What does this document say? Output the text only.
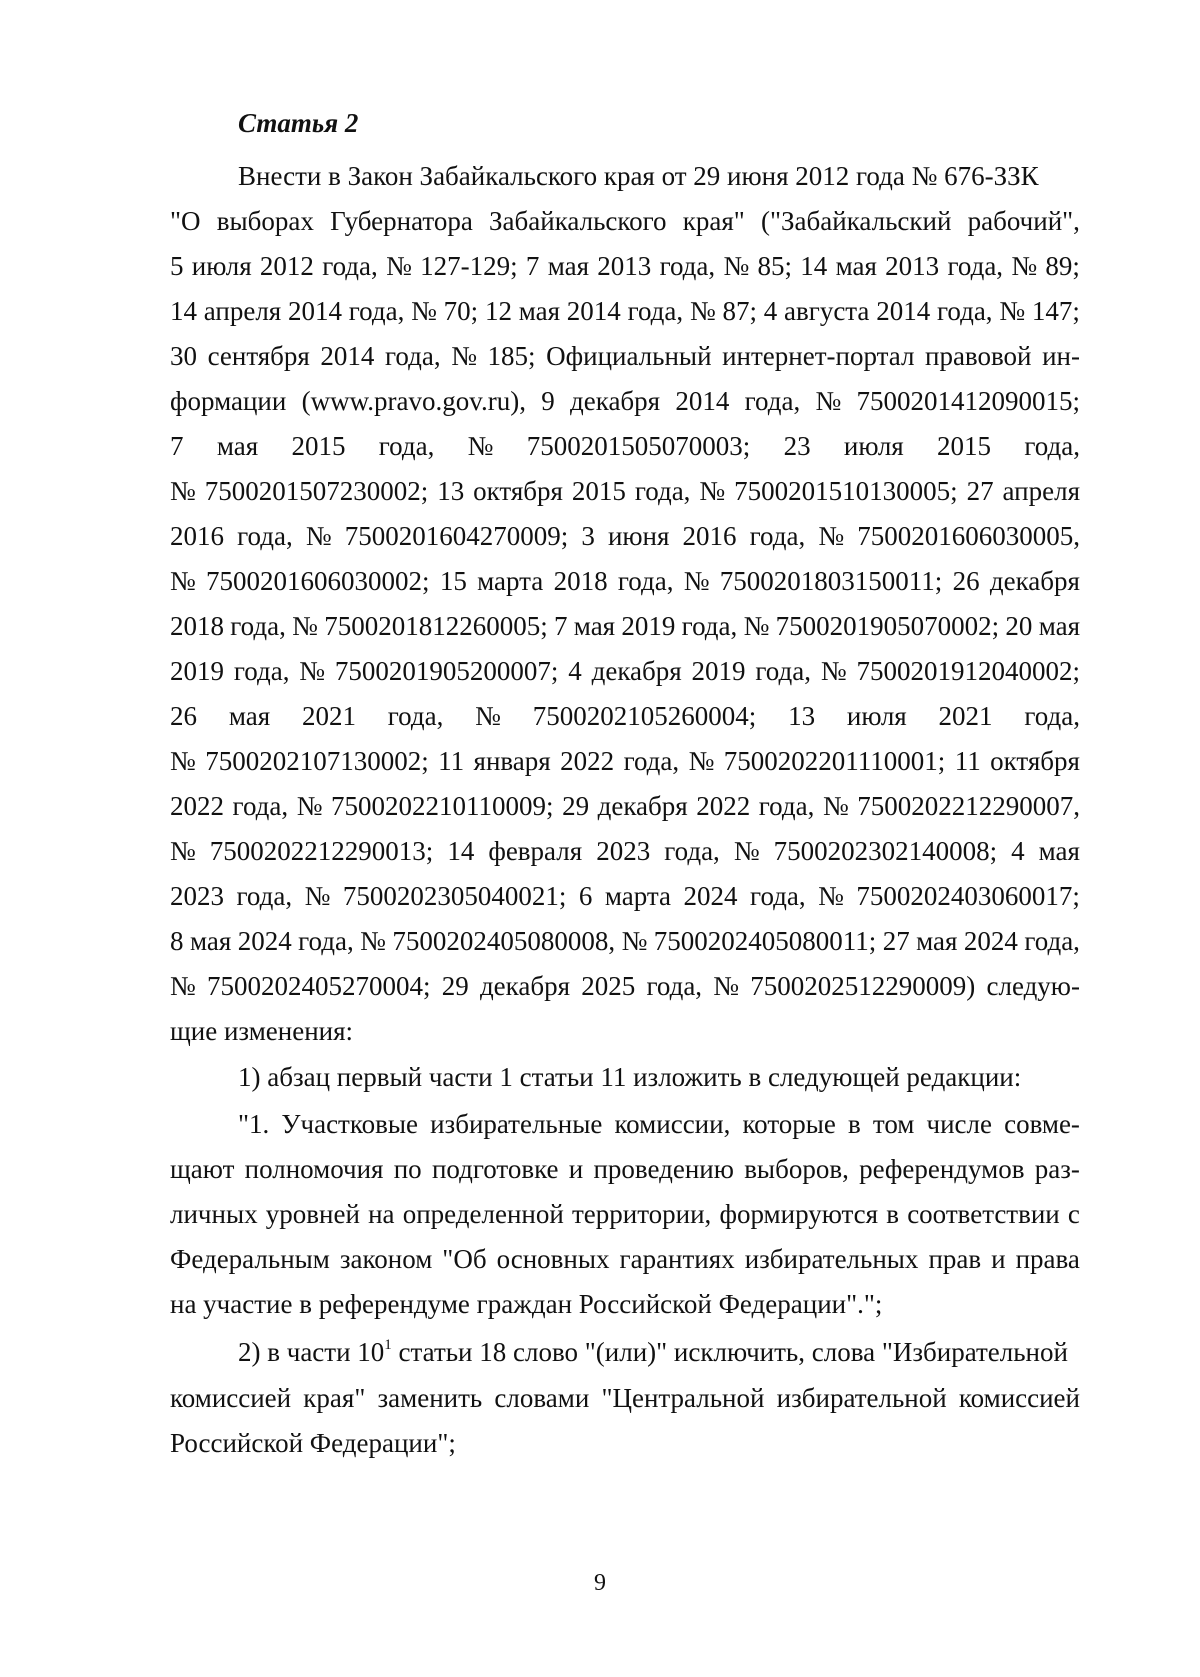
Статья 2
Внести в Закон Забайкальского края от 29 июня 2012 года № 676-ЗЗК
"О выборах Губернатора Забайкальского края" ("Забайкальский рабочий",
5 июля 2012 года, № 127-129; 7 мая 2013 года, № 85; 14 мая 2013 года, № 89;
14 апреля 2014 года, № 70; 12 мая 2014 года, № 87; 4 августа 2014 года, № 147;
30 сентября 2014 года, № 185; Официальный интернет-портал правовой ин-
формации (www.pravo.gov.ru), 9 декабря 2014 года, № 7500201412090015;
7 мая 2015 года, № 7500201505070003; 23 июля 2015 года,
№ 7500201507230002; 13 октября 2015 года, № 7500201510130005; 27 апреля
2016 года, № 7500201604270009; 3 июня 2016 года, № 7500201606030005,
№ 7500201606030002; 15 марта 2018 года, № 7500201803150011; 26 декабря
2018 года, № 7500201812260005; 7 мая 2019 года, № 7500201905070002; 20 мая
2019 года, № 7500201905200007; 4 декабря 2019 года, № 7500201912040002;
26 мая 2021 года, № 7500202105260004; 13 июля 2021 года,
№ 7500202107130002; 11 января 2022 года, № 7500202201110001; 11 октября
2022 года, № 7500202210110009; 29 декабря 2022 года, № 7500202212290007,
№ 7500202212290013; 14 февраля 2023 года, № 7500202302140008; 4 мая
2023 года, № 7500202305040021; 6 марта 2024 года, № 7500202403060017;
8 мая 2024 года, № 7500202405080008, № 7500202405080011; 27 мая 2024 года,
№ 7500202405270004; 29 декабря 2025 года, № 7500202512290009) следую-
щие изменения:
1) абзац первый части 1 статьи 11 изложить в следующей редакции:
"1. Участковые избирательные комиссии, которые в том числе совме-
щают полномочия по подготовке и проведению выборов, референдумов раз-
личных уровней на определенной территории, формируются в соответствии с
Федеральным законом "Об основных гарантиях избирательных прав и права
на участие в референдуме граждан Российской Федерации".";
2) в части $10^1$ статьи 18 слово "(или)" исключить, слова "Избирательной
комиссией края" заменить словами "Центральной избирательной комиссией
Российской Федерации";
9
